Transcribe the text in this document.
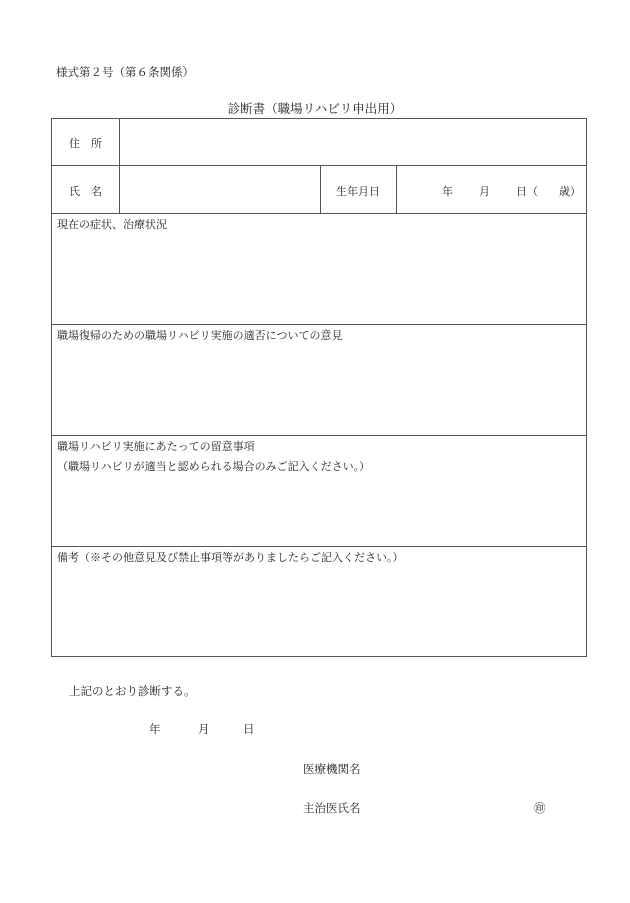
様式第２号（第６条関係）
診断書（職場リハビリ申出用）
住　所
氏　名	生年月日	年 月 日（ 歳）
現在の症状、治療状況
職場復帰のための職場リハビリ実施の適否についての意見
職場リハビリ実施にあたっての留意事項
（職場リハビリが適当と認められる場合のみご記入ください。）
備考（※その他意見及び禁止事項等がありましたらご記入ください。）
上記のとおり診断する。
年	月	日
医療機関名
主治医氏名	㊞
